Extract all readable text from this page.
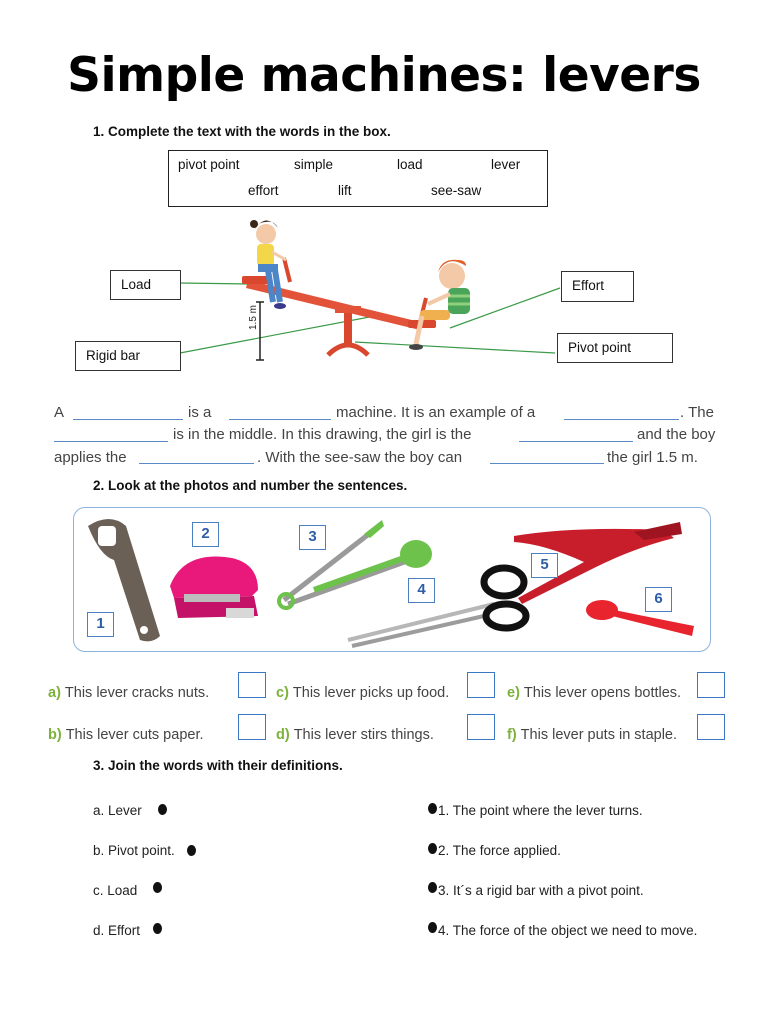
Simple machines: levers
1. Complete the text with the words in the box.
pivot point	simple	load	lever
effort	lift	see-saw
1.5 m
Load
Rigid bar
Effort
Pivot point
A	is a	machine. It is an example of a	. The
is in the middle. In this drawing, the girl is the	and the boy
applies the	. With the see-saw the boy can	the girl 1.5 m.
2. Look at the photos and number the sentences.
1
2	3
4
5
6
a) This lever cracks nuts.	c) This lever picks up food.	e) This lever opens bottles.
b) This lever cuts paper.	d) This lever stirs things.	f) This lever puts in staple.
3. Join the words with their definitions.
a. Lever
b. Pivot point.
c. Load
d. Effort
1. The point where the lever turns.
2. The force applied.
3. It´s a rigid bar with a pivot point.
4. The force of the object we need to move.
